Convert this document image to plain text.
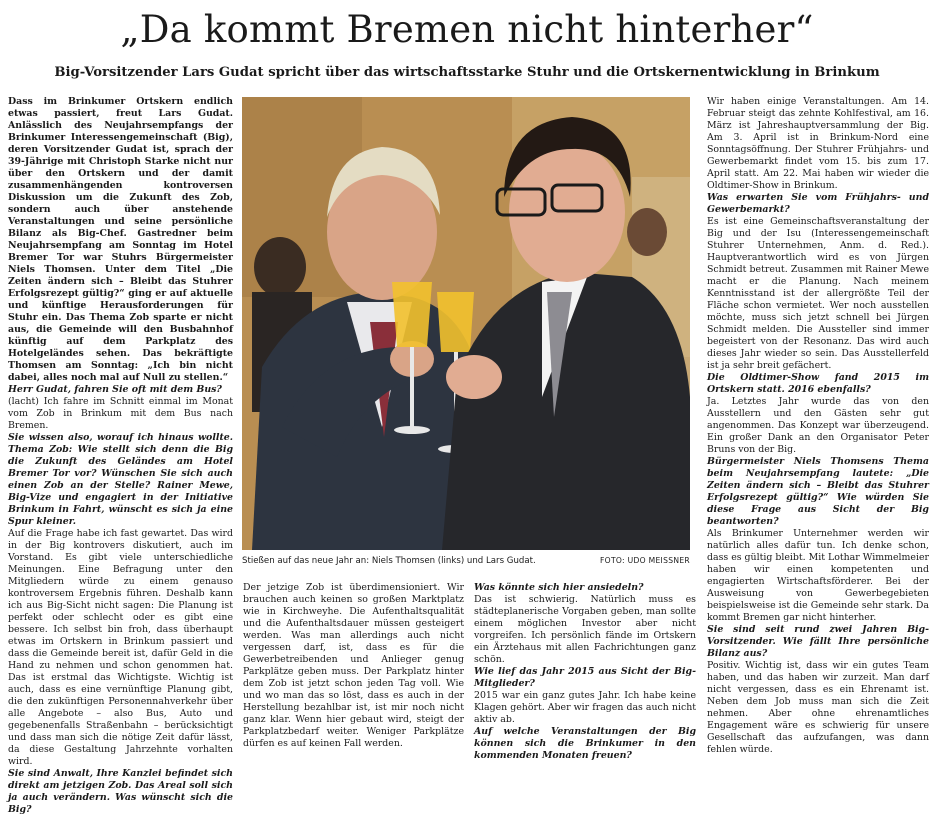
„Da kommt Bremen nicht hinterher“
Big-Vorsitzender Lars Gudat spricht über das wirtschaftsstarke Stuhr und die Ortskernentwicklung in Brinkum

Dass im Brinkumer Ortskern endlich etwas passiert, freut Lars Gudat. Anlässlich des Neujahrsempfangs der Brinkumer Interessengemeinschaft (Big), deren Vorsitzender Gudat ist, sprach der 39-Jährige mit Christoph Starke nicht nur über den Ortskern und der damit zusammenhängenden kontroversen Diskussion um die Zukunft des Zob, sondern auch über anstehende Veranstaltungen und seine persönliche Bilanz als Big-Chef. Gastredner beim Neujahrsempfang am Sonntag im Hotel Bremer Tor war Stuhrs Bürgermeister Niels Thomsen. Unter dem Titel „Die Zeiten ändern sich – Bleibt das Stuhrer Erfolgsrezept gültig?“ ging er auf aktuelle und künftige Herausforderungen für Stuhr ein. Das Thema Zob sparte er nicht aus, die Gemeinde will den Busbahnhof künftig auf dem Parkplatz des Hotelgeländes sehen. Das bekräftigte Thomsen am Sonntag: „Ich bin nicht dabei, alles noch mal auf Null zu stellen.“

Herr Gudat, fahren Sie oft mit dem Bus?

(lacht) Ich fahre im Schnitt einmal im Monat vom Zob in Brinkum mit dem Bus nach Bremen.

Sie wissen also, worauf ich hinaus wollte. Thema Zob: Wie stellt sich denn die Big die Zukunft des Geländes am Hotel Bremer Tor vor? Wünschen Sie sich auch einen Zob an der Stelle? Rainer Mewe, Big-Vize und engagiert in der Initiative Brinkum in Fahrt, wünscht es sich ja eine Spur kleiner.

Auf die Frage habe ich fast gewartet. Das wird in der Big kontrovers diskutiert, auch im Vorstand. Es gibt viele unterschiedliche Meinungen. Eine Befragung unter den Mitgliedern würde zu einem genauso kontroversem Ergebnis führen. Deshalb kann ich aus Big-Sicht nicht sagen: Die Planung ist perfekt oder schlecht oder es gibt eine bessere. Ich selbst bin froh, dass überhaupt etwas im Ortskern in Brinkum passiert und dass die Gemeinde bereit ist, dafür Geld in die Hand zu nehmen und schon genommen hat. Das ist erstmal das Wichtigste. Wichtig ist auch, dass es eine vernünftige Planung gibt, die den zukünftigen Personennahverkehr über alle Angebote – also Bus, Auto und gegebenenfalls Straßenbahn – berücksichtigt und dass man sich die nötige Zeit dafür lässt, da diese Gestaltung Jahrzehnte vorhalten wird.

Sie sind Anwalt, Ihre Kanzlei befindet sich direkt am jetzigen Zob. Das Areal soll sich ja auch verändern. Was wünscht sich die Big?

Stießen auf das neue Jahr an: Niels Thomsen (links) und Lars Gudat.	FOTO: UDO MEISSNER

Der jetzige Zob ist überdimensioniert. Wir brauchen auch keinen so großen Marktplatz wie in Kirchweyhe. Die Aufenthaltsqualität und die Aufenthaltsdauer müssen gesteigert werden. Was man allerdings auch nicht vergessen darf, ist, dass es für die Gewerbetreibenden und Anlieger genug Parkplätze geben muss. Der Parkplatz hinter dem Zob ist jetzt schon jeden Tag voll. Wie und wo man das so löst, dass es auch in der Herstellung bezahlbar ist, ist mir noch nicht ganz klar. Wenn hier gebaut wird, steigt der Parkplatzbedarf weiter. Weniger Parkplätze dürfen es auf keinen Fall werden.

Was könnte sich hier ansiedeln?

Das ist schwierig. Natürlich muss es städteplanerische Vorgaben geben, man sollte einem möglichen Investor aber nicht vorgreifen. Ich persönlich fände im Ortskern ein Ärztehaus mit allen Fachrichtungen ganz schön.

Wie lief das Jahr 2015 aus Sicht der Big-Mitglieder?

2015 war ein ganz gutes Jahr. Ich habe keine Klagen gehört. Aber wir fragen das auch nicht aktiv ab.

Auf welche Veranstaltungen der Big können sich die Brinkumer in den kommenden Monaten freuen?

Wir haben einige Veranstaltungen. Am 14. Februar steigt das zehnte Kohlfestival, am 16. März ist Jahreshauptversammlung der Big. Am 3. April ist in Brinkum-Nord eine Sonntagsöffnung. Der Stuhrer Frühjahrs- und Gewerbemarkt findet vom 15. bis zum 17. April statt. Am 22. Mai haben wir wieder die Oldtimer-Show in Brinkum.

Was erwarten Sie vom Frühjahrs- und Gewerbemarkt?

Es ist eine Gemeinschaftsveranstaltung der Big und der Isu (Interessengemeinschaft Stuhrer Unternehmen, Anm. d. Red.). Hauptverantwortlich wird es von Jürgen Schmidt betreut. Zusammen mit Rainer Mewe macht er die Planung. Nach meinem Kenntnisstand ist der allergrößte Teil der Fläche schon vermietet. Wer noch ausstellen möchte, muss sich jetzt schnell bei Jürgen Schmidt melden. Die Aussteller sind immer begeistert von der Resonanz. Das wird auch dieses Jahr wieder so sein. Das Ausstellerfeld ist ja sehr breit gefächert.

Die Oldtimer-Show fand 2015 im Ortskern statt. 2016 ebenfalls?

Ja. Letztes Jahr wurde das von den Ausstellern und den Gästen sehr gut angenommen. Das Konzept war überzeugend. Ein großer Dank an den Organisator Peter Bruns von der Big.

Bürgermeister Niels Thomsens Thema beim Neujahrsempfang lautete: „Die Zeiten ändern sich – Bleibt das Stuhrer Erfolgsrezept gültig?“ Wie würden Sie diese Frage aus Sicht der Big beantworten?

Als Brinkumer Unternehmer werden wir natürlich alles dafür tun. Ich denke schon, dass es gültig bleibt. Mit Lothar Wimmelmeier haben wir einen kompetenten und engagierten Wirtschaftsförderer. Bei der Ausweisung von Gewerbegebieten beispielsweise ist die Gemeinde sehr stark. Da kommt Bremen gar nicht hinterher.

Sie sind seit rund zwei Jahren Big-Vorsitzender. Wie fällt Ihre persönliche Bilanz aus?

Positiv. Wichtig ist, dass wir ein gutes Team haben, und das haben wir zurzeit. Man darf nicht vergessen, dass es ein Ehrenamt ist. Neben dem Job muss man sich die Zeit nehmen. Aber ohne ehrenamtliches Engagement wäre es schwierig für unsere Gesellschaft das aufzufangen, was dann fehlen würde.
